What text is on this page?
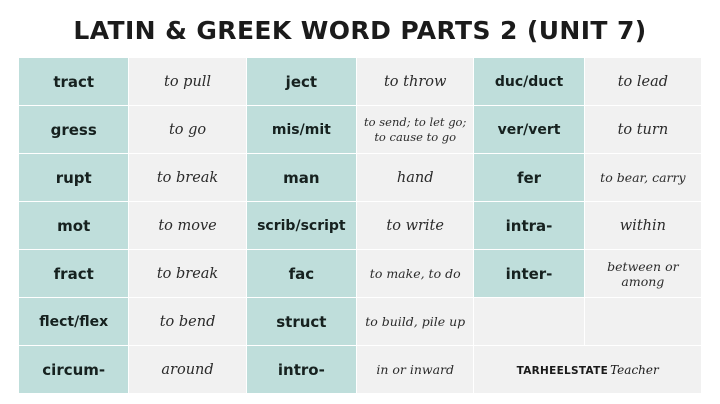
LATIN & GREEK WORD PARTS 2 (UNIT 7)
tract	to pull	ject	to throw	duc/duct	to lead
gress	to go	mis/mit	to send; to let go; to cause to go	ver/vert	to turn
rupt	to break	man	hand	fer	to bear, carry
mot	to move	scrib/script	to write	intra-	within
fract	to break	fac	to make, to do	inter-	between or among
flect/flex	to bend	struct	to build, pile up		
circum-	around	intro-	in or inward	TARHEELSTATE Teacher	
